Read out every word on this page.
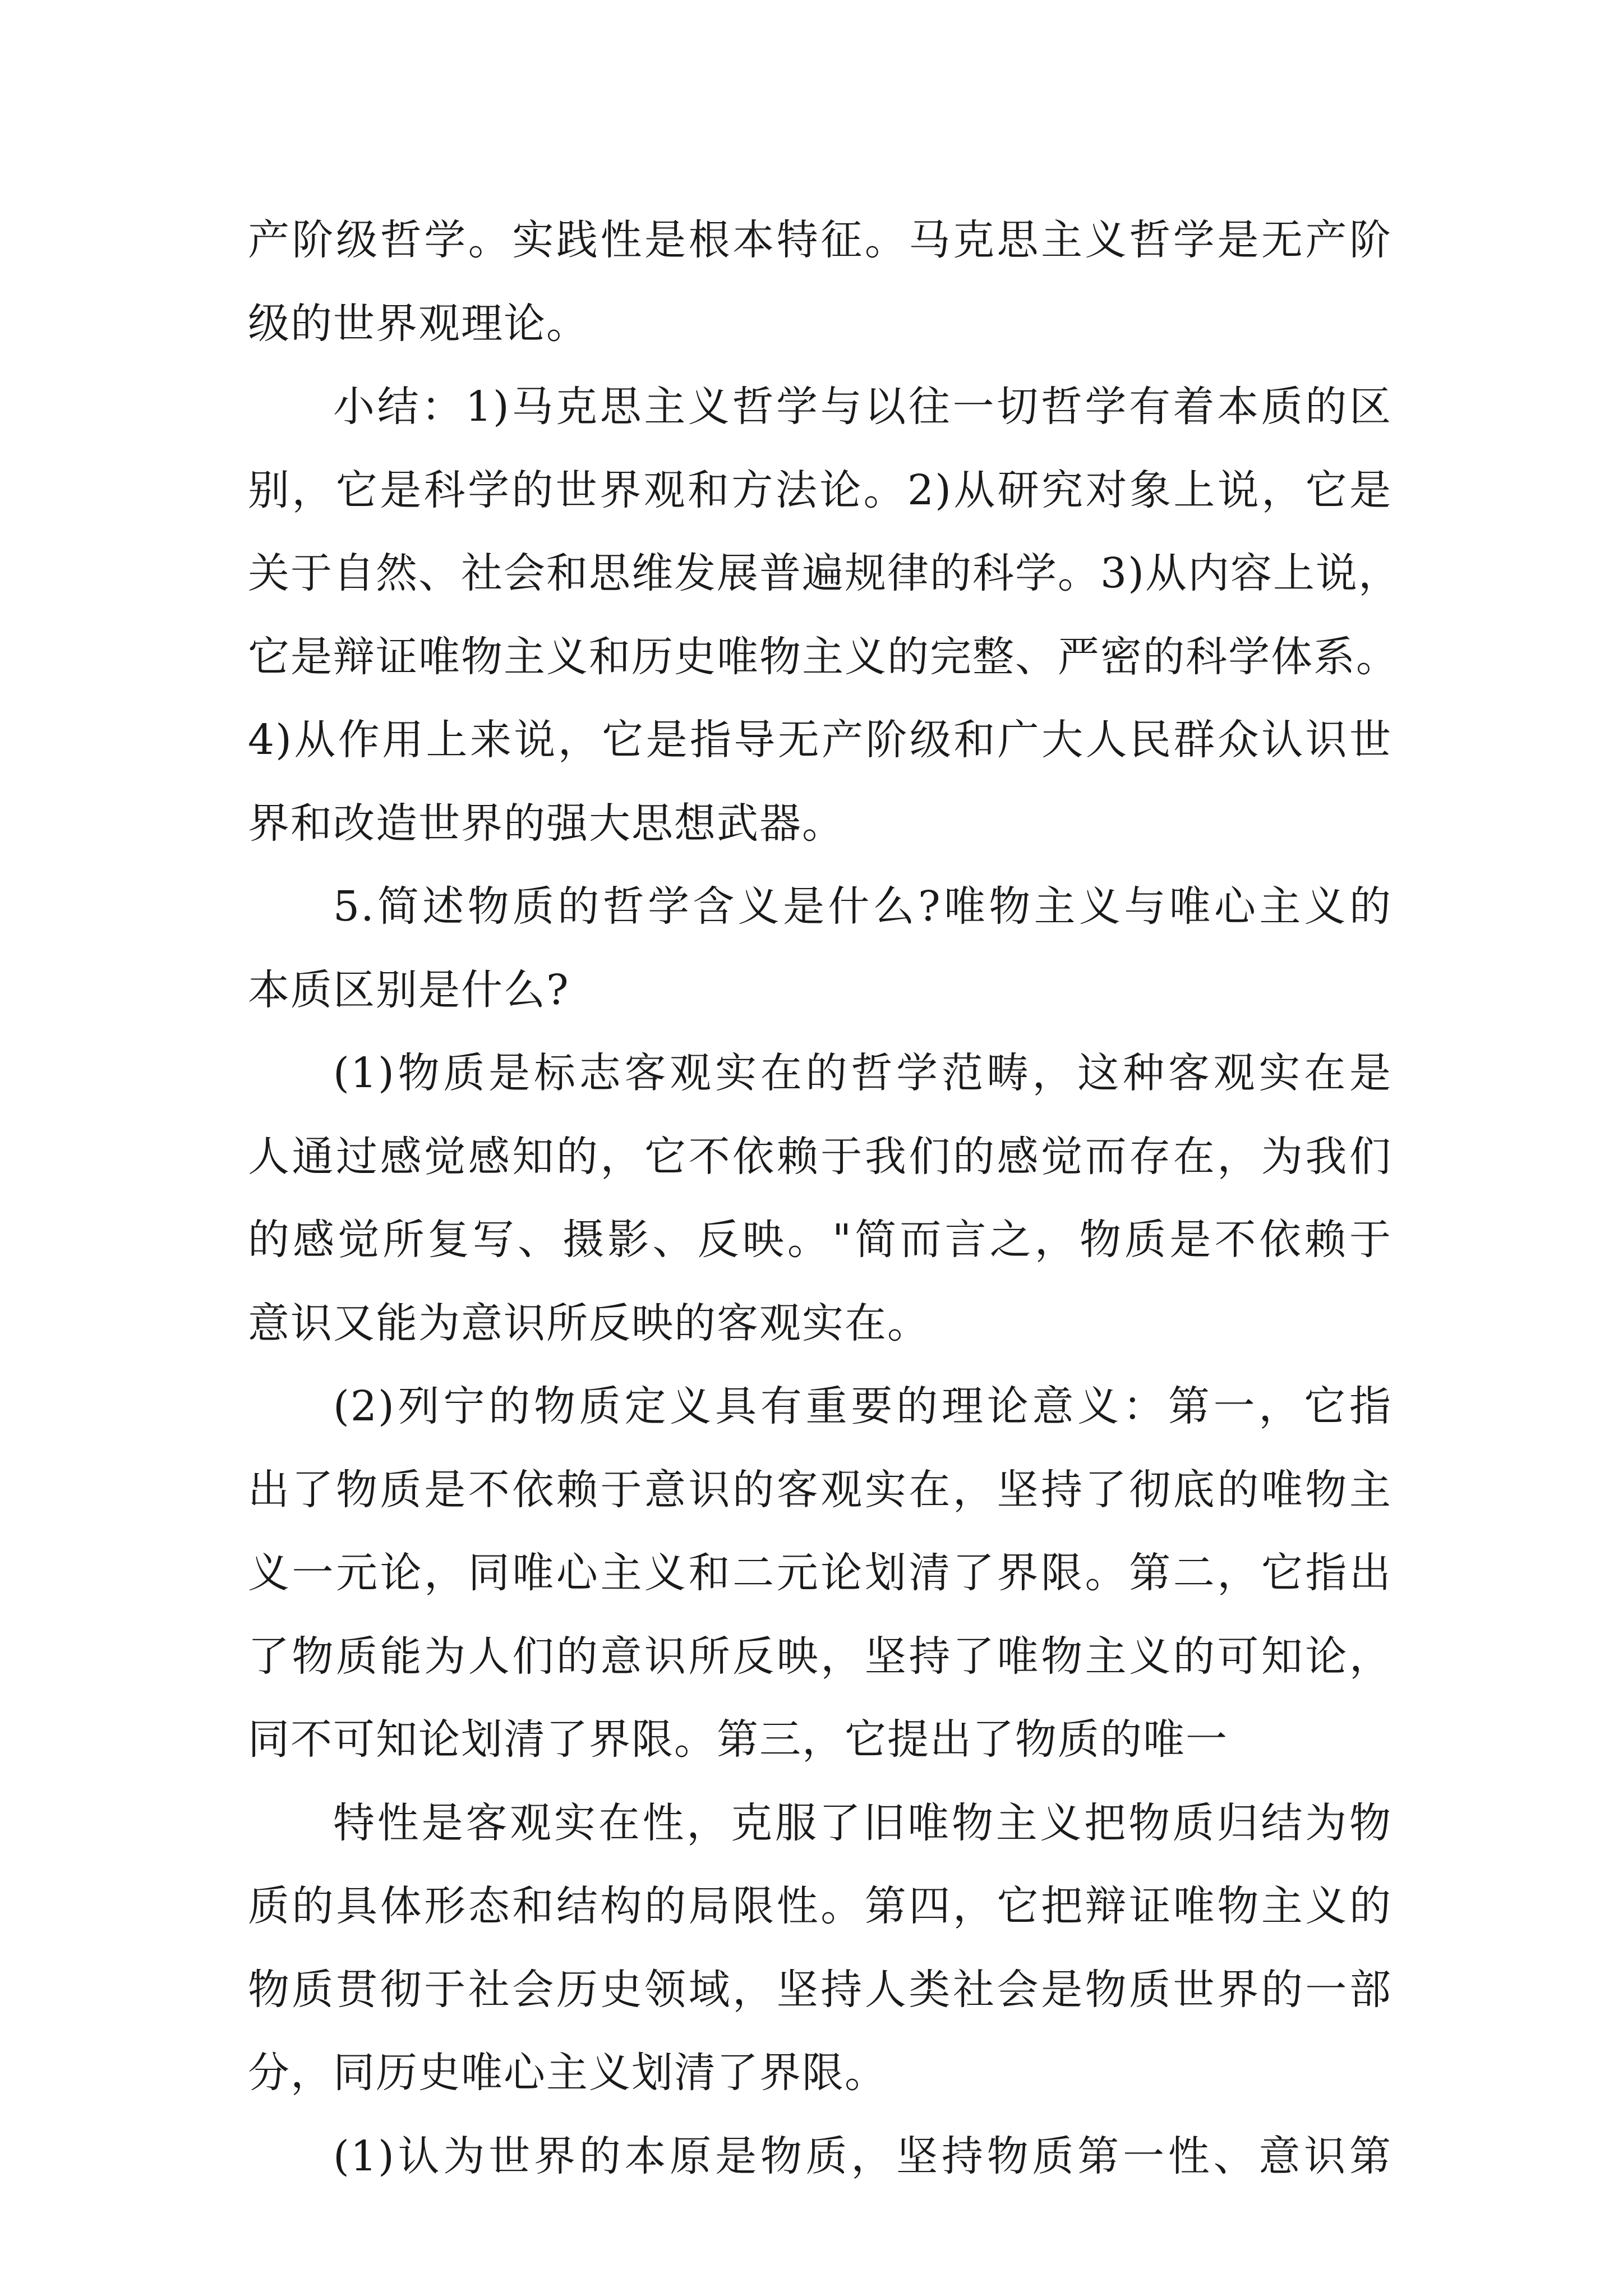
产阶级哲学。实践性是根本特征。马克思主义哲学是无产阶
级的世界观理论。
小结：1)马克思主义哲学与以往一切哲学有着本质的区
别，它是科学的世界观和方法论。2)从研究对象上说，它是
关于自然、社会和思维发展普遍规律的科学。3)从内容上说，
它是辩证唯物主义和历史唯物主义的完整、严密的科学体系。
4)从作用上来说，它是指导无产阶级和广大人民群众认识世
界和改造世界的强大思想武器。
5.简述物质的哲学含义是什么?唯物主义与唯心主义的
本质区别是什么?
(1)物质是标志客观实在的哲学范畴，这种客观实在是
人通过感觉感知的，它不依赖于我们的感觉而存在，为我们
的感觉所复写、摄影、反映。"简而言之，物质是不依赖于
意识又能为意识所反映的客观实在。
(2)列宁的物质定义具有重要的理论意义：第一，它指
出了物质是不依赖于意识的客观实在，坚持了彻底的唯物主
义一元论，同唯心主义和二元论划清了界限。第二，它指出
了物质能为人们的意识所反映，坚持了唯物主义的可知论，
同不可知论划清了界限。第三，它提出了物质的唯一
特性是客观实在性，克服了旧唯物主义把物质归结为物
质的具体形态和结构的局限性。第四，它把辩证唯物主义的
物质贯彻于社会历史领域，坚持人类社会是物质世界的一部
分，同历史唯心主义划清了界限。
(1)认为世界的本原是物质，坚持物质第一性、意识第
